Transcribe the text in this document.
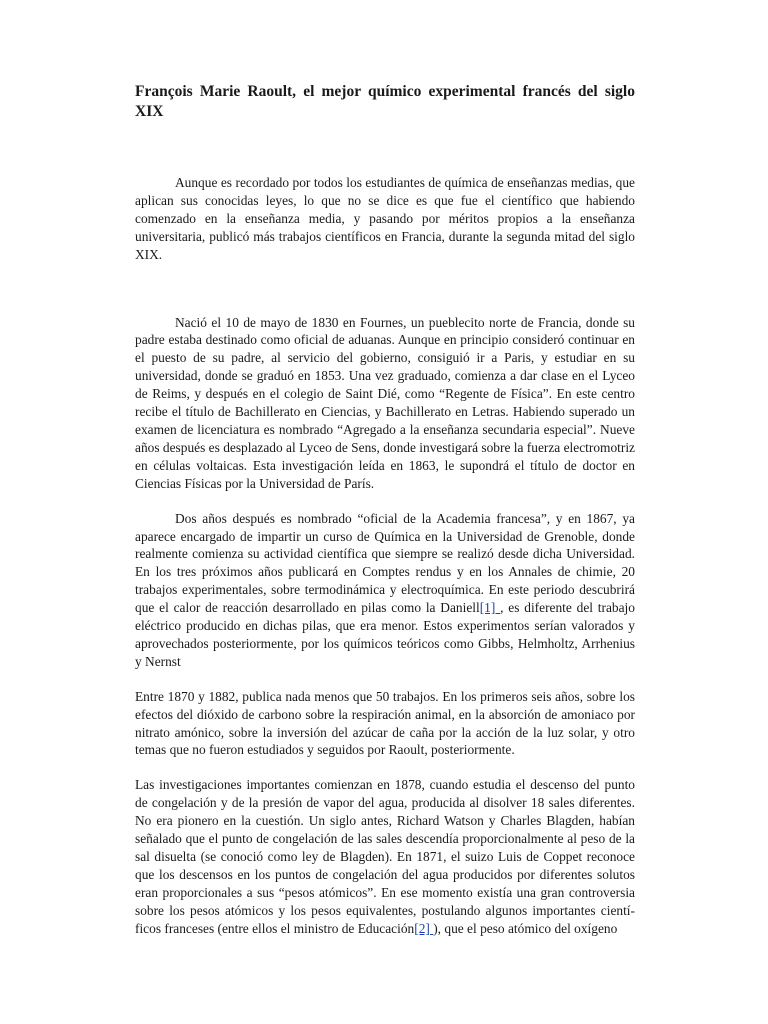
François Marie Raoult, el mejor químico experimental francés del siglo XIX

Aunque es recordado por todos los estudiantes de química de enseñanzas medias, que aplican sus conocidas leyes, lo que no se dice es que fue el científico que habiendo comenzado en la enseñanza media, y pasando por méritos propios a la enseñanza universitaria, publicó más trabajos científicos en Francia, durante la segunda mitad del siglo XIX.

Nació el 10 de mayo de 1830 en Fournes, un pueblecito norte de Francia, donde su padre estaba destinado como oficial de aduanas. Aunque en principio consideró continuar en el puesto de su padre, al servicio del gobierno, consiguió ir a Paris, y estudiar en su universidad, donde se graduó en 1853. Una vez graduado, comienza a dar clase en el Lyceo de Reims, y después en el colegio de Saint Dié, como “Regente de Física”. En este centro recibe el título de Bachillerato en Ciencias, y Bachillerato en Letras. Habiendo superado un examen de licenciatura es nombrado “Agregado a la enseñanza secundaria especial”. Nueve años después es desplazado al Lyceo de Sens, donde investigará sobre la fuerza electromotriz en células voltaicas. Esta investigación leída en 1863, le supondrá el título de doctor en Ciencias Físicas por la Universidad de París.

Dos años después es nombrado “oficial de la Academia francesa”, y en 1867, ya aparece encargado de impartir un curso de Química en la Universidad de Grenoble, donde realmente comienza su actividad científica que siempre se realizó desde dicha Universidad. En los tres próximos años publicará en Comptes rendus y en los Annales de chimie, 20 trabajos experimentales, sobre termodinámica y electroquímica. En este periodo descubrirá que el calor de reacción desarrollado en pilas como la Daniell[1] , es diferente del trabajo eléctrico producido en dichas pilas, que era menor. Estos experimentos serían valorados y aprovechados posteriormente, por los químicos teóricos como Gibbs, Helmholtz, Arrhenius y Nernst

Entre 1870 y 1882, publica nada menos que 50 trabajos. En los primeros seis años, sobre los efectos del dióxido de carbono sobre la respiración animal, en la absorción de amoniaco por nitrato amónico, sobre la inversión del azúcar de caña por la acción de la luz solar, y otro temas que no fueron estudiados y seguidos por Raoult, posteriormente.

Las investigaciones importantes comienzan en 1878, cuando estudia el descenso del punto de congelación y de la presión de vapor del agua, producida al disolver 18 sales diferentes. No era pionero en la cuestión. Un siglo antes, Richard Watson y Charles Blagden, habían señalado que el punto de congelación de las sales descendía proporcionalmente al peso de la sal disuelta (se conoció como ley de Blagden). En 1871, el suizo Luis de Coppet reconoce que los descensos en los puntos de congelación del agua producidos por diferentes solutos eran proporcionales a sus “pesos atómicos”. En ese momento existía una gran controversia sobre los pesos atómicos y los pesos equivalentes, postulando algunos importantes cientí-ficos franceses (entre ellos el ministro de Educación[2] ), que el peso atómico del oxígeno
